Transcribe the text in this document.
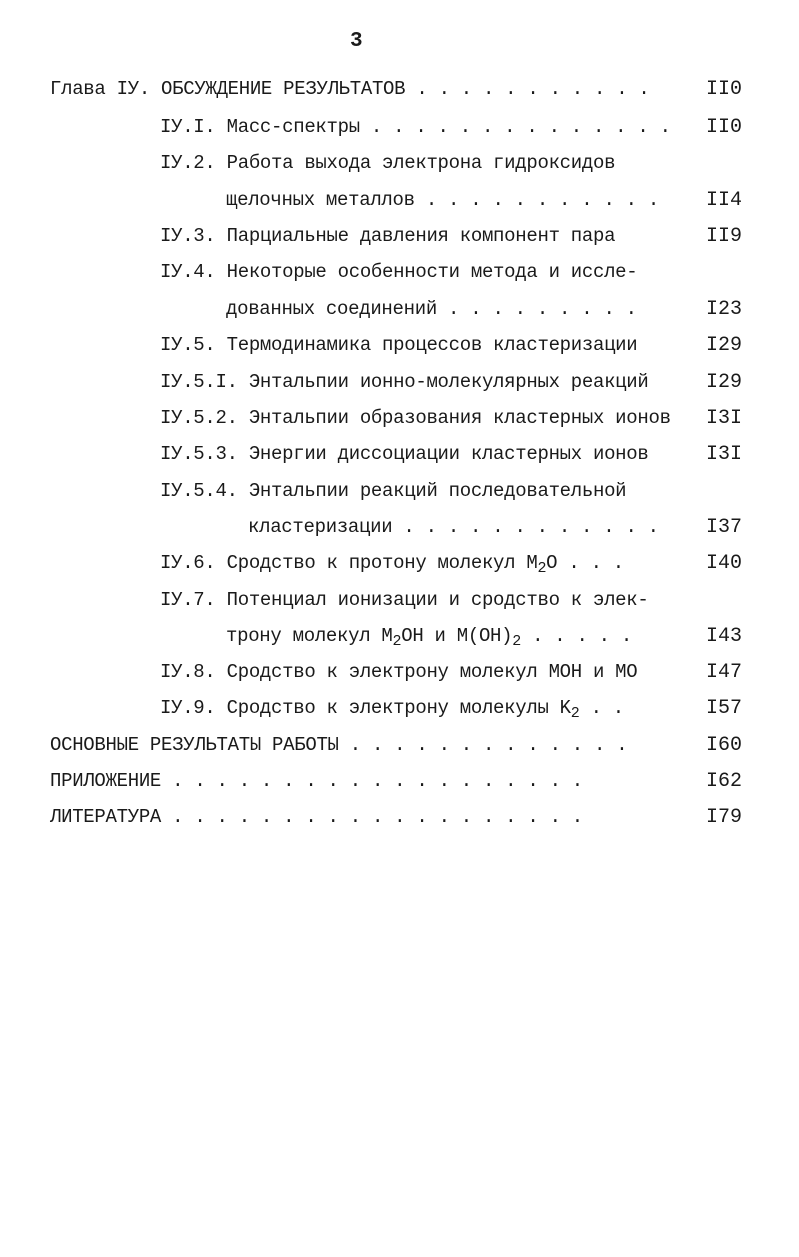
3
Глава IУ. ОБСУЖДЕНИЕ РЕЗУЛЬТАТОВ . . . . . . . . . . .	II0
IУ.I. Масс-спектры . . . . . . . . . . . . . . II0
IУ.2. Работа выхода электрона гидроксидов
щелочных металлов . . . . . . . . . . . II4
IУ.3. Парциальные давления компонент пара	II9
IУ.4. Некоторые особенности метода и иссле-
дованных соединений . . . . . . . . .	I23
IУ.5. Термодинамика процессов кластеризации	I29
IУ.5.I. Энтальпии ионно-молекулярных реакций	I29
IУ.5.2. Энтальпии образования кластерных ионов I3I
IУ.5.3. Энергии диссоциации кластерных ионов	I3I
IУ.5.4. Энтальпии реакций последовательной
кластеризации . . . . . . . . . . . . I37
IУ.6. Сродство к протону молекул $M_2O$ . . .	I40
IУ.7. Потенциал ионизации и сродство к элек-
трону молекул $M_2OH$ и $M(OH)_2$ . . . . .	I43
IУ.8. Сродство к электрону молекул MOH и MO	I47
IУ.9. Сродство к электрону молекулы $K_2$ . .	I57
ОСНОВНЫЕ РЕЗУЛЬТАТЫ РАБОТЫ . . . . . . . . . . . . .	I60
ПРИЛОЖЕНИЕ . . . . . . . . . . . . . . . . . . .	I62
ЛИТЕРАТУРА . . . . . . . . . . . . . . . . . . .	I79
